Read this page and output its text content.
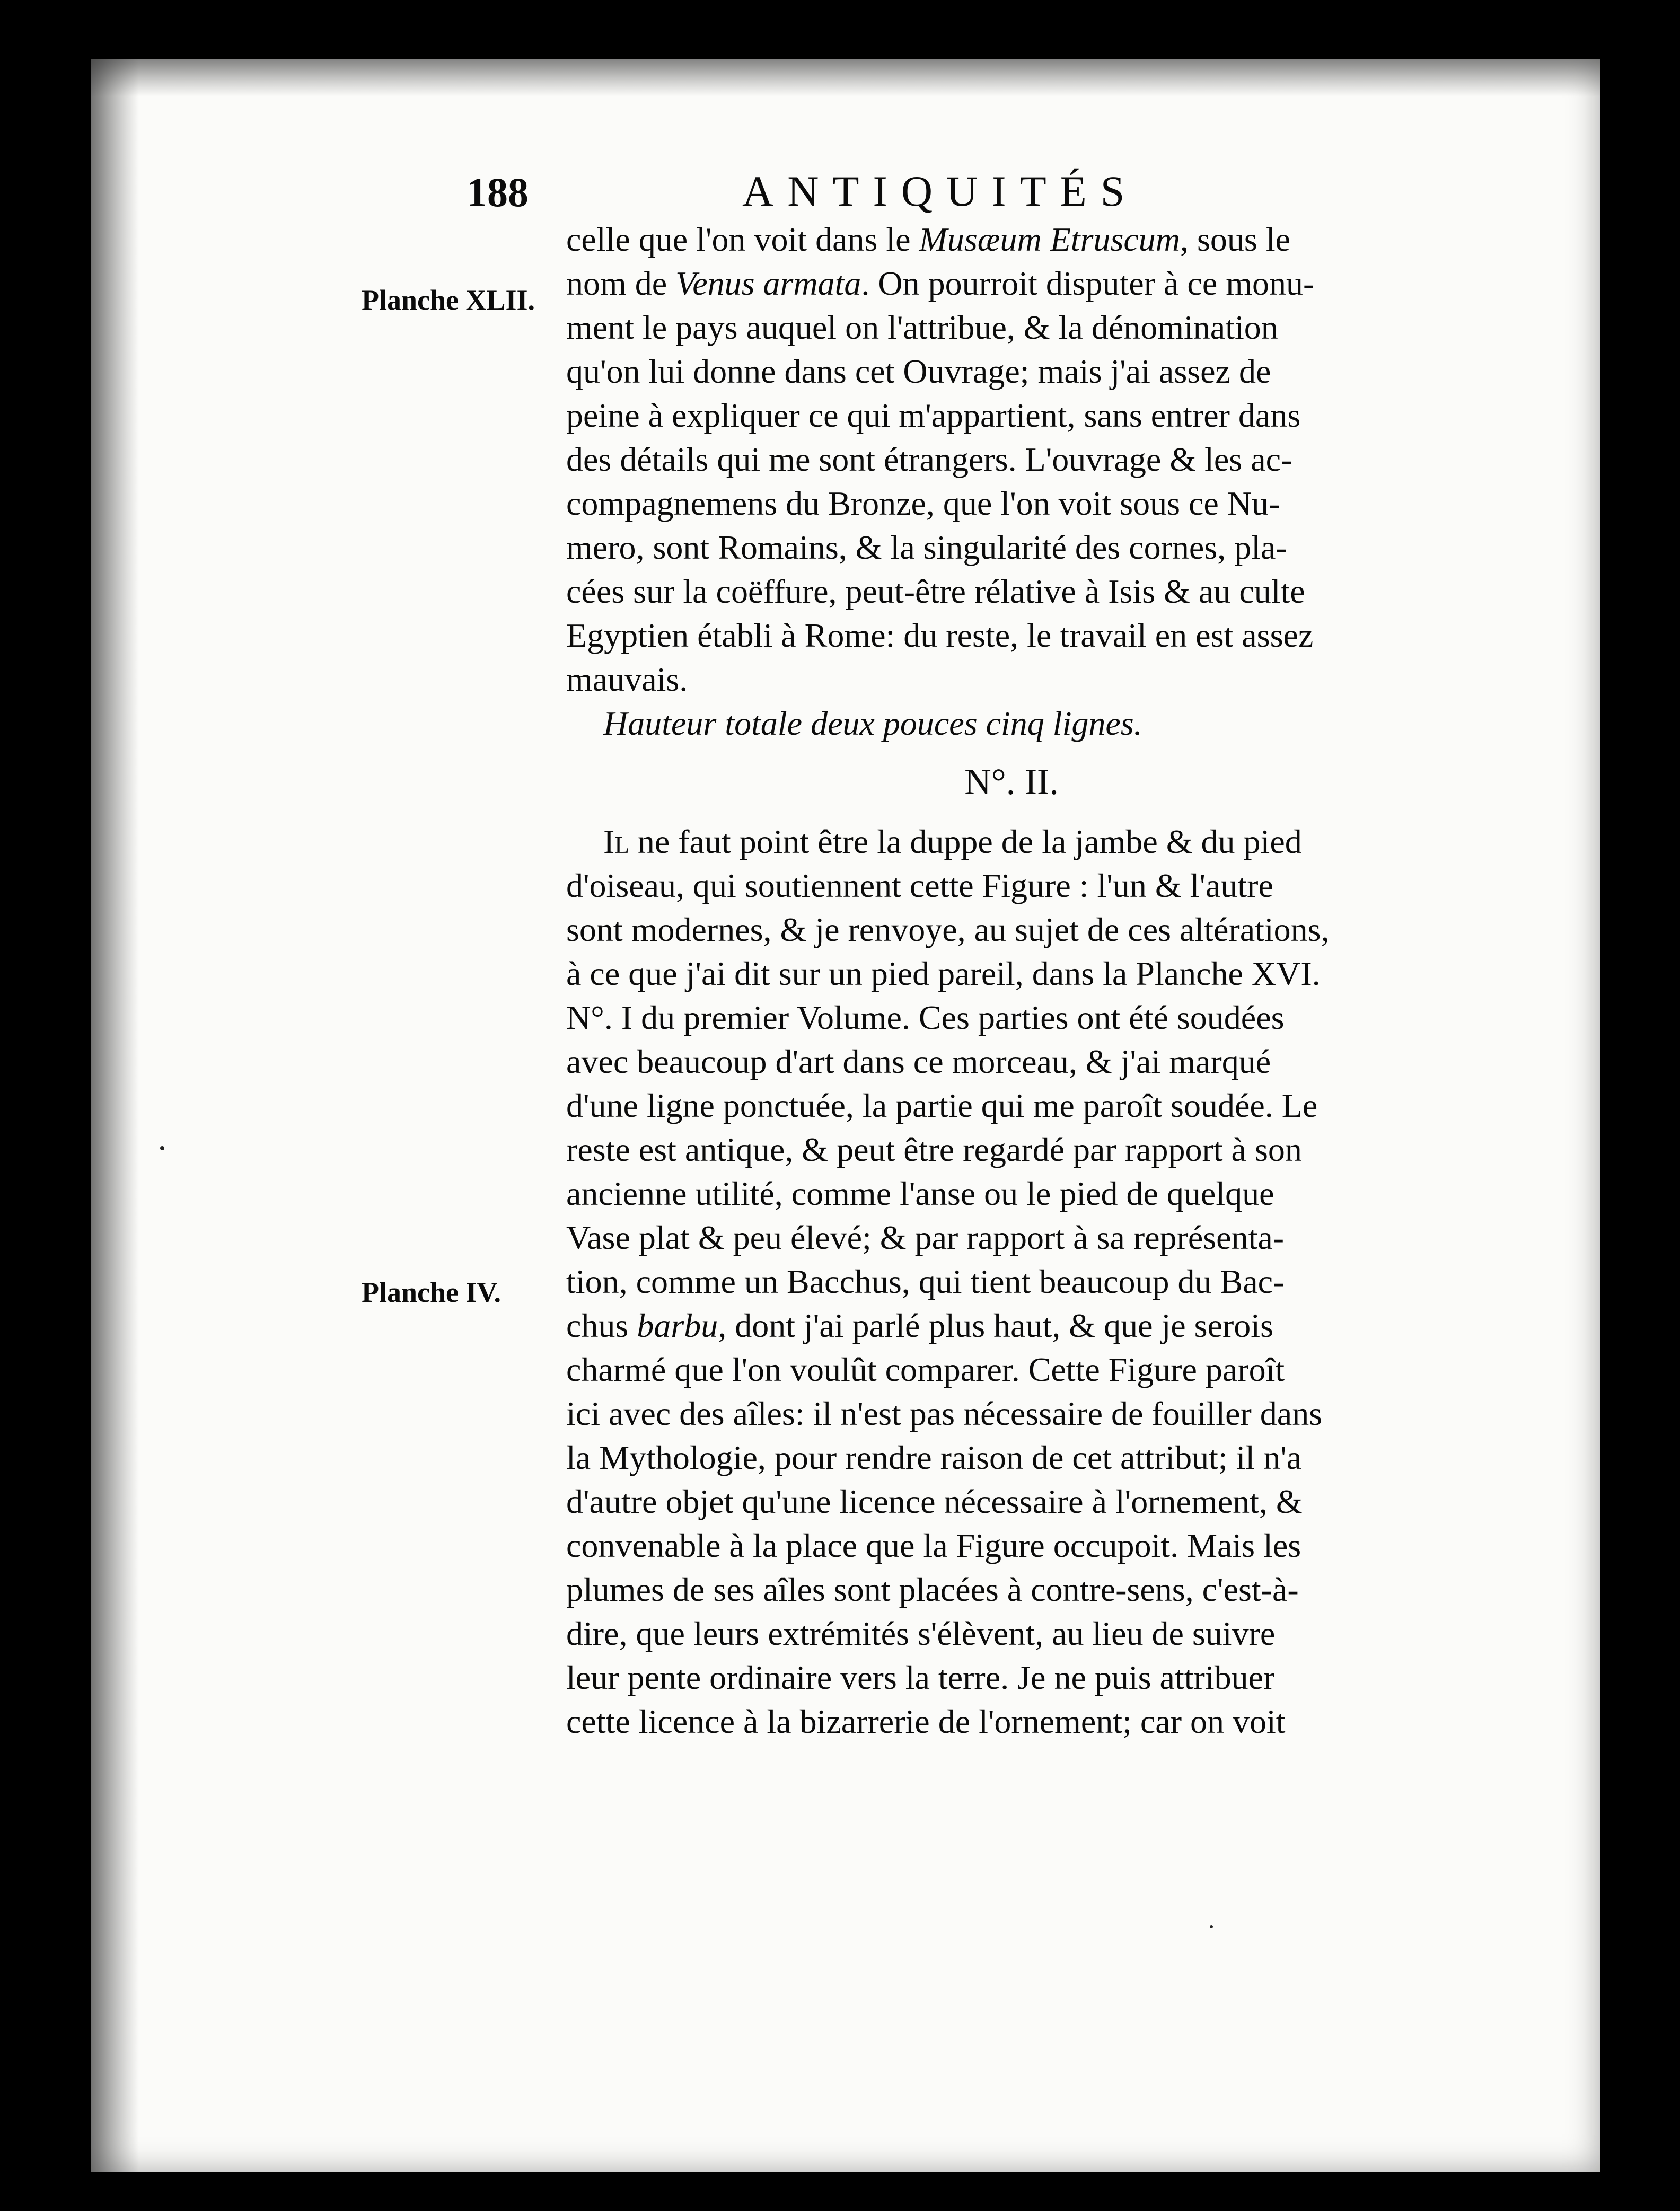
188	ANTIQUITÉS
Planche XLII.
Planche IV.
celle que l'on voit dans le Musæum Etruscum, sous le
nom de Venus armata. On pourroit disputer à ce monu-
ment le pays auquel on l'attribue, & la dénomination
qu'on lui donne dans cet Ouvrage; mais j'ai assez de
peine à expliquer ce qui m'appartient, sans entrer dans
des détails qui me sont étrangers. L'ouvrage & les ac-
compagnemens du Bronze, que l'on voit sous ce Nu-
mero, sont Romains, & la singularité des cornes, pla-
cées sur la coëffure, peut-être rélative à Isis & au culte
Egyptien établi à Rome: du reste, le travail en est assez
mauvais.
Hauteur totale deux pouces cinq lignes.
N°. II.
Il ne faut point être la duppe de la jambe & du pied
d'oiseau, qui soutiennent cette Figure : l'un & l'autre
sont modernes, & je renvoye, au sujet de ces altérations,
à ce que j'ai dit sur un pied pareil, dans la Planche XVI.
N°. I du premier Volume. Ces parties ont été soudées
avec beaucoup d'art dans ce morceau, & j'ai marqué
d'une ligne ponctuée, la partie qui me paroît soudée. Le
reste est antique, & peut être regardé par rapport à son
ancienne utilité, comme l'anse ou le pied de quelque
Vase plat & peu élevé; & par rapport à sa représenta-
tion, comme un Bacchus, qui tient beaucoup du Bac-
chus barbu, dont j'ai parlé plus haut, & que je serois
charmé que l'on voulût comparer. Cette Figure paroît
ici avec des aîles: il n'est pas nécessaire de fouiller dans
la Mythologie, pour rendre raison de cet attribut; il n'a
d'autre objet qu'une licence nécessaire à l'ornement, &
convenable à la place que la Figure occupoit. Mais les
plumes de ses aîles sont placées à contre-sens, c'est-à-
dire, que leurs extrémités s'élèvent, au lieu de suivre
leur pente ordinaire vers la terre. Je ne puis attribuer
cette licence à la bizarrerie de l'ornement; car on voit
